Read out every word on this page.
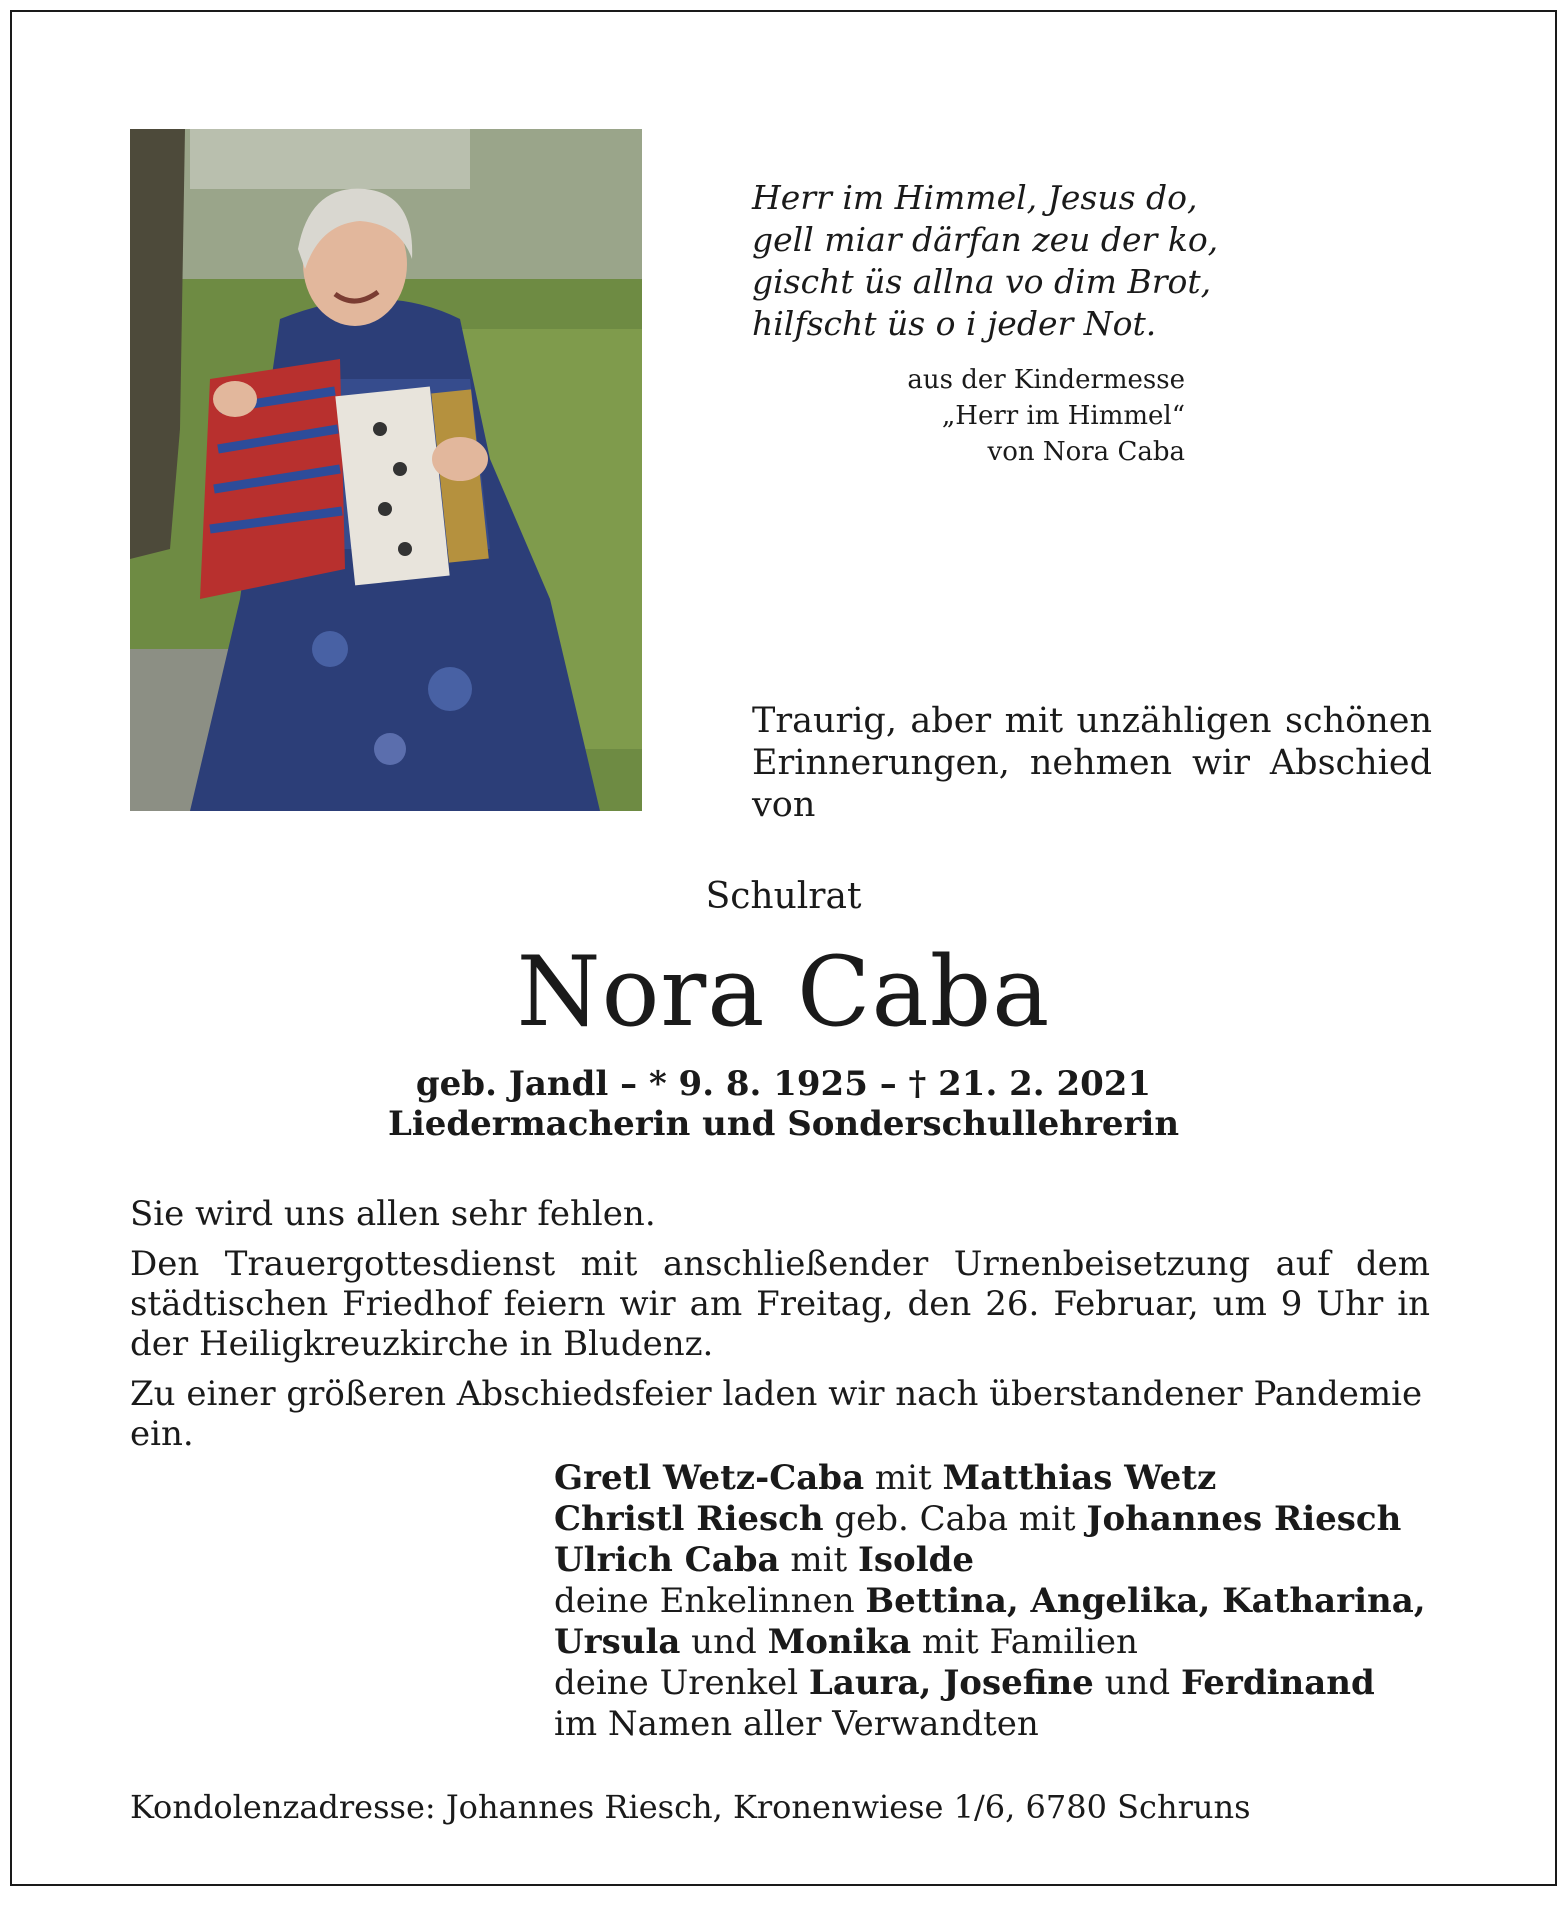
Herr im Himmel, Jesus do,
gell miar därfan zeu der ko,
gischt üs allna vo dim Brot,
hilfscht üs o i jeder Not.
aus der Kindermesse
„Herr im Himmel“
von Nora Caba
Traurig, aber mit unzähligen schönen Erinnerungen, nehmen wir Abschied von
Schulrat
Nora Caba
geb. Jandl – * 9. 8. 1925 – † 21. 2. 2021
Liedermacherin und Sonderschullehrerin

Sie wird uns allen sehr fehlen.

Den Trauergottesdienst mit anschließender Urnenbeisetzung auf dem städtischen Friedhof feiern wir am Freitag, den 26. Februar, um 9 Uhr in der Heiligkreuzkirche in Bludenz.

Zu einer größeren Abschiedsfeier laden wir nach überstandener Pandemie ein.

Gretl Wetz-Caba mit Matthias Wetz
Christl Riesch geb. Caba mit Johannes Riesch
Ulrich Caba mit Isolde
deine Enkelinnen Bettina, Angelika, Katharina,
Ursula und Monika mit Familien
deine Urenkel Laura, Josefine und Ferdinand
im Namen aller Verwandten
Kondolenzadresse: Johannes Riesch, Kronenwiese 1/6, 6780 Schruns
